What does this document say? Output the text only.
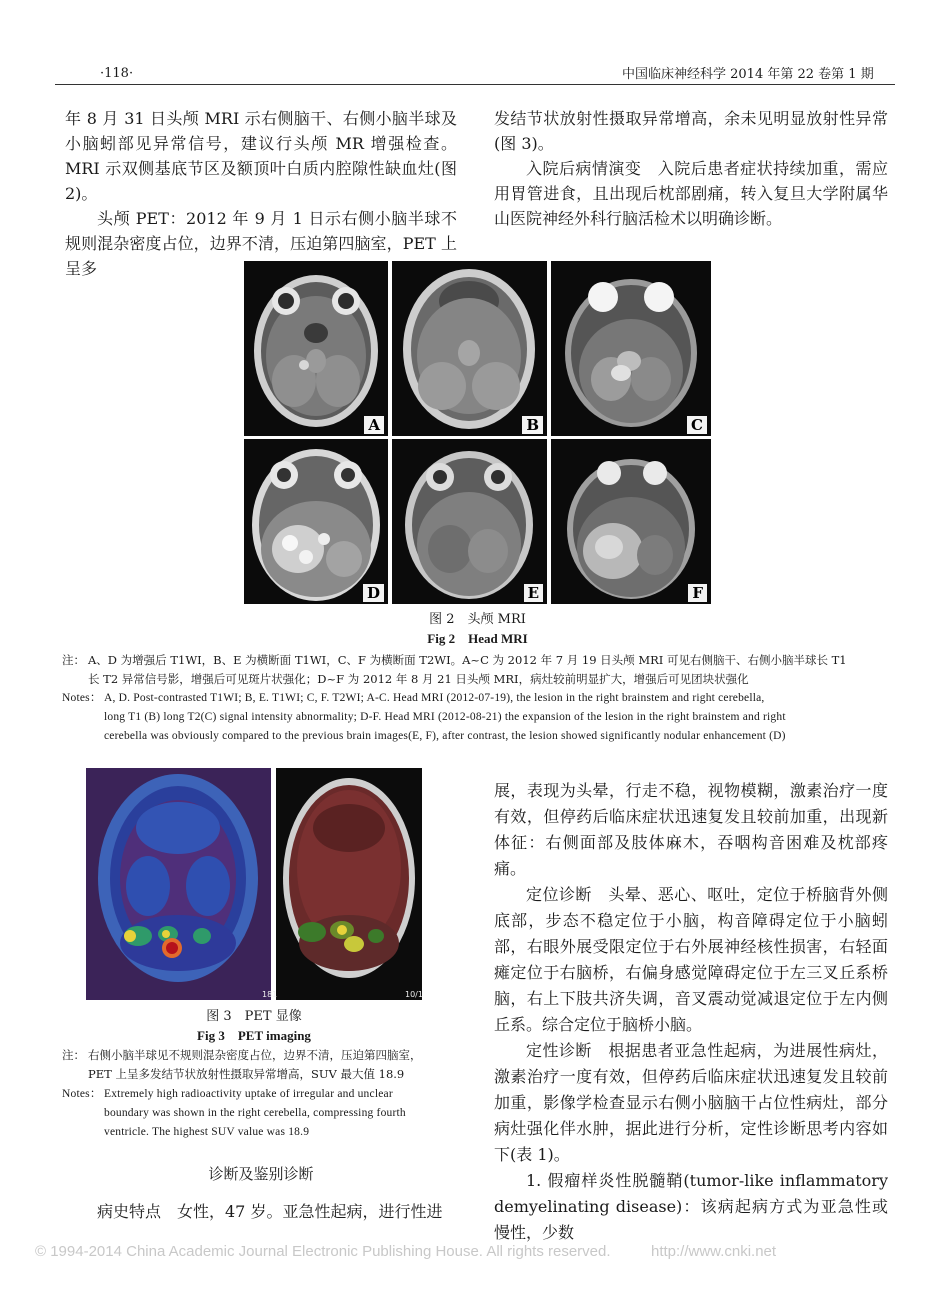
·118·	中国临床神经科学 2014 年第 22 卷第 1 期

年 8 月 31 日头颅 MRI 示右侧脑干、右侧小脑半球及小脑蚓部见异常信号，建议行头颅 MR 增强检查。MRI 示双侧基底节区及额顶叶白质内腔隙性缺血灶(图 2)。

头颅 PET：2012 年 9 月 1 日示右侧小脑半球不规则混杂密度占位，边界不清，压迫第四脑室，PET 上呈多

发结节状放射性摄取异常增高，余未见明显放射性异常(图 3)。

入院后病情演变　入院后患者症状持续加重，需应用胃管进食，且出现后枕部剧痛，转入复旦大学附属华山医院神经外科行脑活检术以明确诊断。

A	B	C
D	E	F
图 2　头颅 MRI
Fig 2　Head MRI
注： A、D 为增强后 T1WI，B、E 为横断面 T1WI，C、F 为横断面 T2WI。A~C 为 2012 年 7 月 19 日头颅 MRI 可见右侧脑干、右侧小脑半球长 T1
长 T2 异常信号影，增强后可见斑片状强化；D~F 为 2012 年 8 月 21 日头颅 MRI，病灶较前明显扩大，增强后可见团块状强化
Notes： A, D. Post-contrasted T1WI; B, E. T1WI; C, F. T2WI; A-C. Head MRI (2012-07-19), the lesion in the right brainstem and right cerebella,
long T1 (B) long T2(C) signal intensity abnormality; D-F. Head MRI (2012-08-21) the expansion of the lesion in the right brainstem and right
cerebella was obviously compared to the previous brain images(E, F), after contrast, the lesion showed significantly nodular enhancement (D)
181	10/1
图 3　PET 显像
Fig 3　PET imaging
注： 右侧小脑半球见不规则混杂密度占位，边界不清，压迫第四脑室，
PET 上呈多发结节状放射性摄取异常增高，SUV 最大值 18.9
Notes： Extremely high radioactivity uptake of irregular and unclear
boundary was shown in the right cerebella, compressing fourth
ventricle. The highest SUV value was 18.9
诊断及鉴别诊断

病史特点　女性，47 岁。亚急性起病，进行性进

展，表现为头晕，行走不稳，视物模糊，激素治疗一度有效，但停药后临床症状迅速复发且较前加重，出现新体征：右侧面部及肢体麻木，吞咽构音困难及枕部疼痛。

定位诊断　头晕、恶心、呕吐，定位于桥脑背外侧底部，步态不稳定位于小脑，构音障碍定位于小脑蚓部，右眼外展受限定位于右外展神经核性损害，右轻面瘫定位于右脑桥，右偏身感觉障碍定位于左三叉丘系桥脑，右上下肢共济失调，音叉震动觉减退定位于左内侧丘系。综合定位于脑桥小脑。

定性诊断　根据患者亚急性起病，为进展性病灶，激素治疗一度有效，但停药后临床症状迅速复发且较前加重，影像学检查显示右侧小脑脑干占位性病灶，部分病灶强化伴水肿，据此进行分析，定性诊断思考内容如下(表 1)。

1. 假瘤样炎性脱髓鞘(tumor-like inflammatory demyelinating disease)：该病起病方式为亚急性或慢性，少数

© 1994-2014 China Academic Journal Electronic Publishing House. All rights reserved.	http://www.cnki.net
